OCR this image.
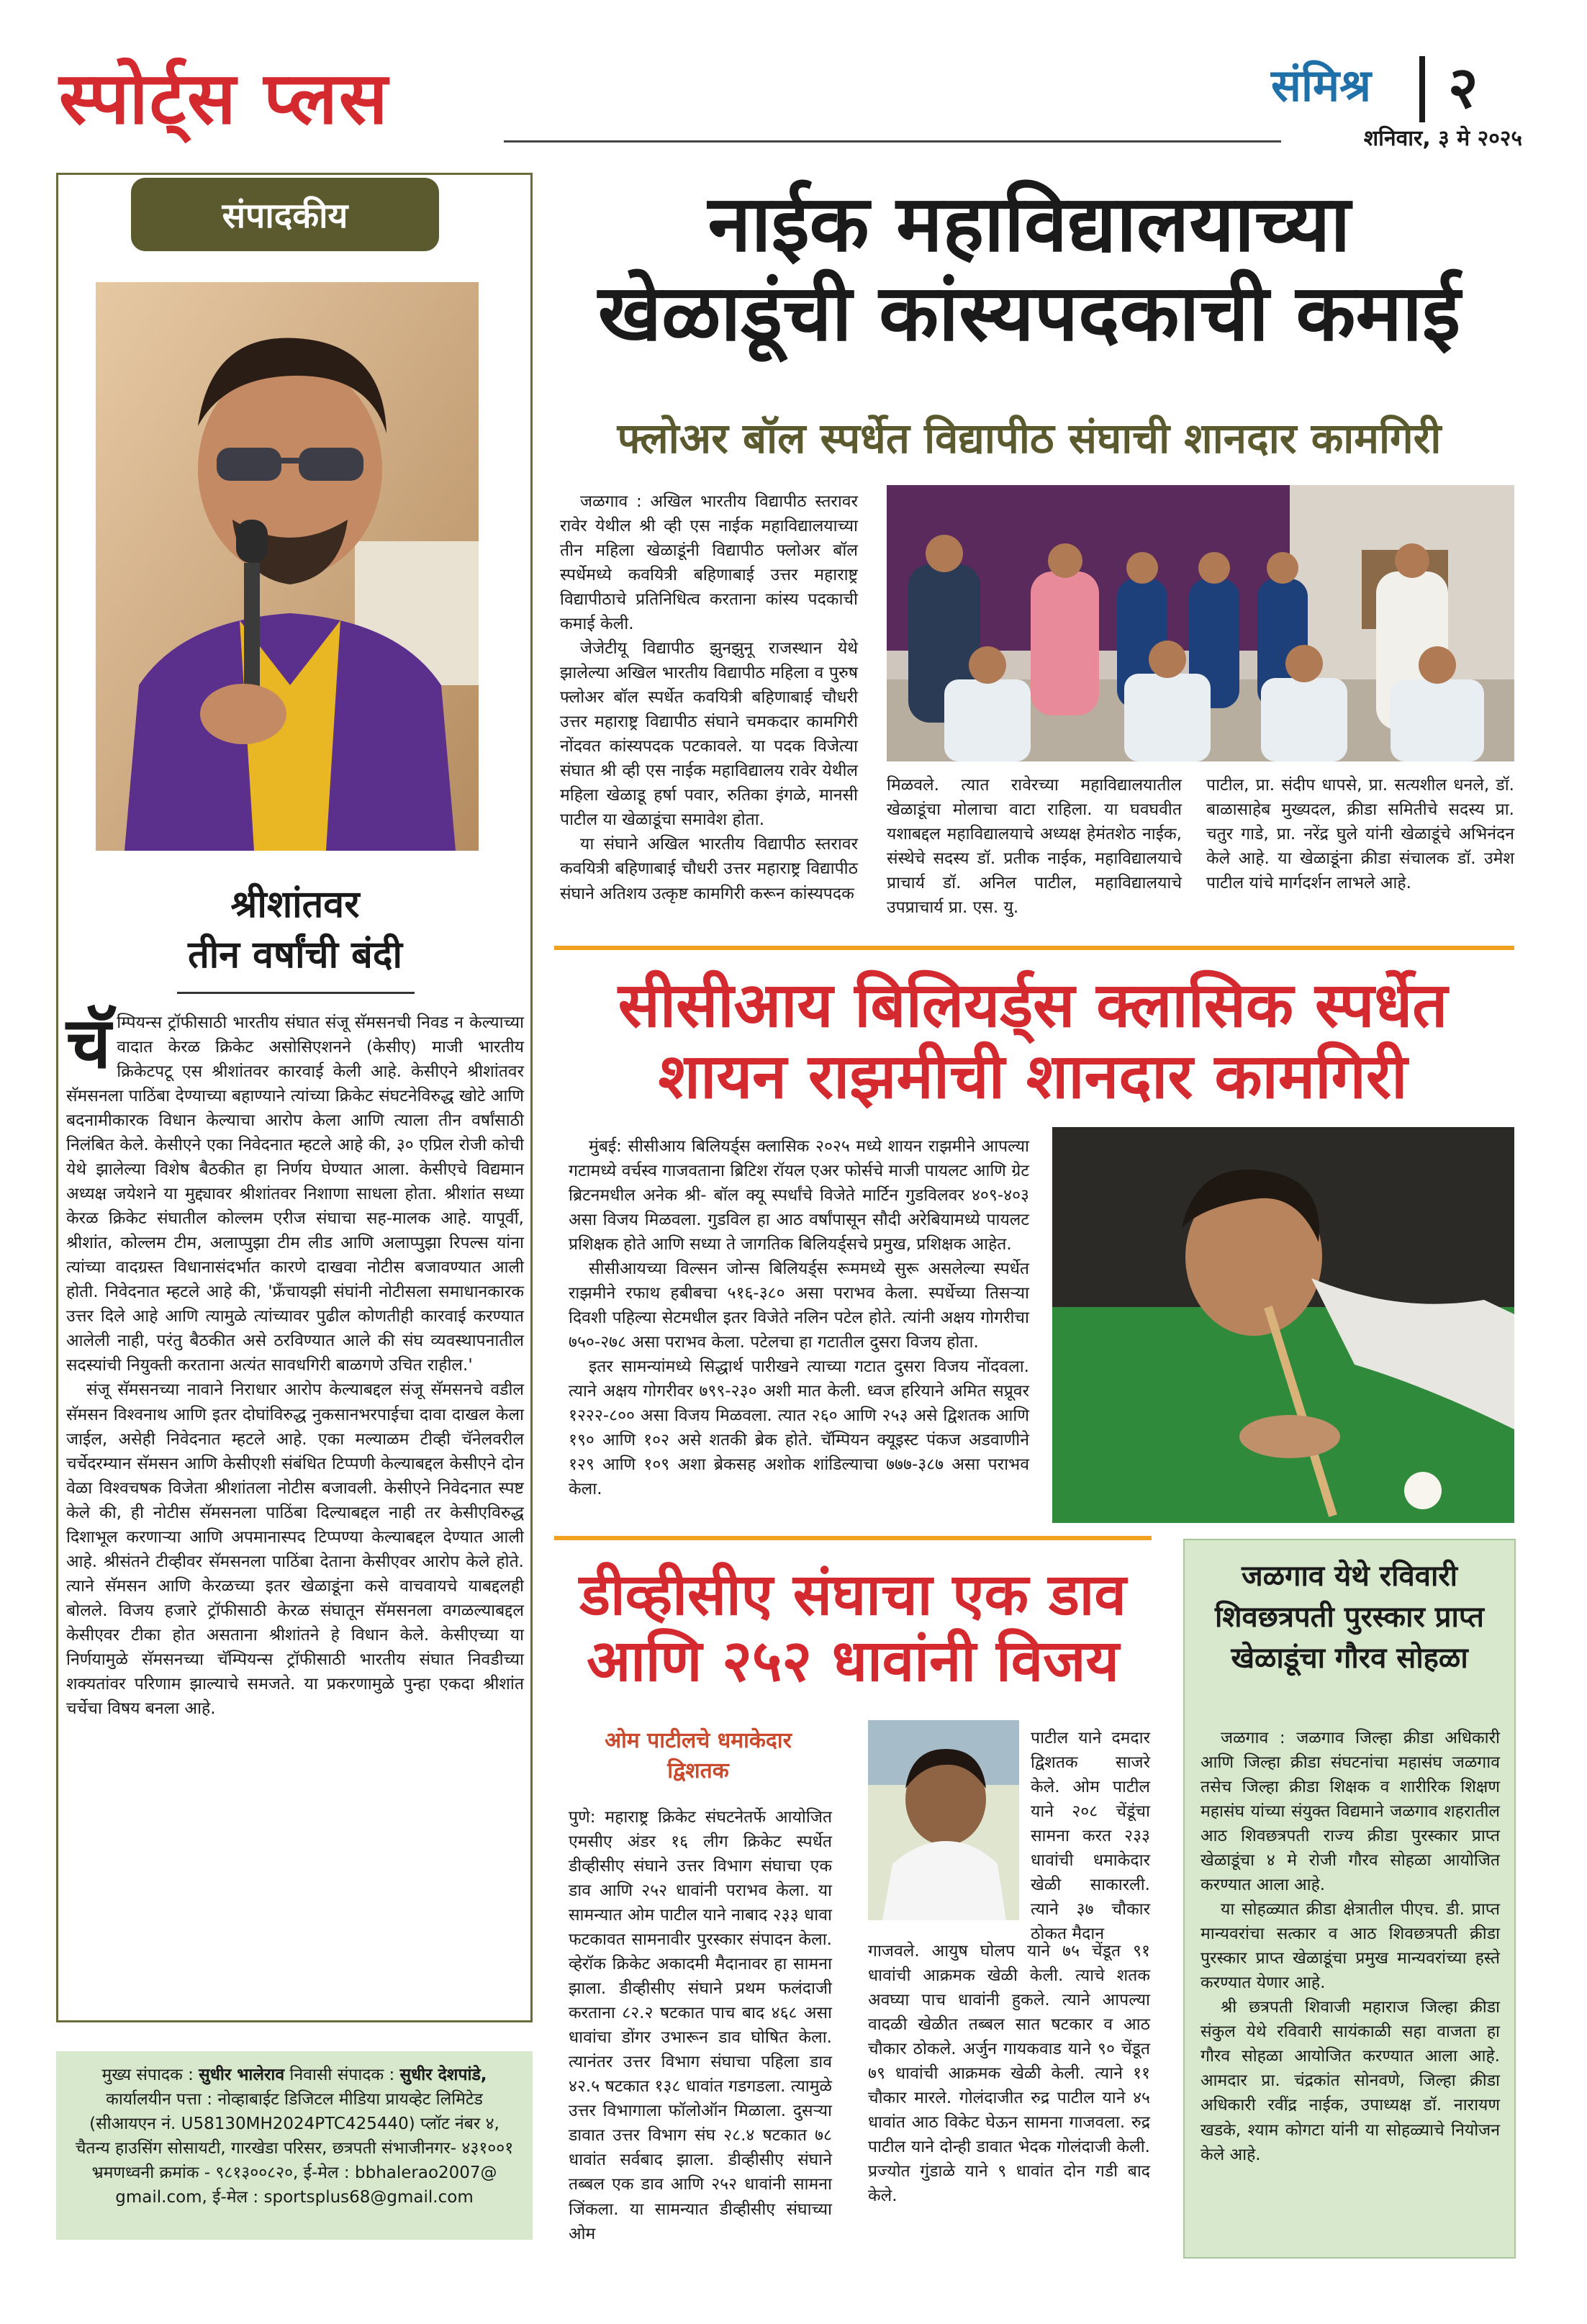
स्पोर्ट्स प्लस	संमिश्र २
शनिवार, ३ मे २०२५
संपादकीय
श्रीशांतवर
तीन वर्षांची बंदी

चॅ म्पियन्स ट्रॉफीसाठी भारतीय संघात संजू सॅमसनची निवड न केल्याच्या वादात केरळ क्रिकेट असोसिएशनने (केसीए) माजी भारतीय क्रिकेटपटू एस श्रीशांतवर कारवाई केली आहे. केसीएने श्रीशांतवर सॅमसनला पाठिंबा देण्याच्या बहाण्याने त्यांच्या क्रिकेट संघटनेविरुद्ध खोटे आणि बदनामीकारक विधान केल्याचा आरोप केला आणि त्याला तीन वर्षांसाठी निलंबित केले. केसीएने एका निवेदनात म्हटले आहे की, ३० एप्रिल रोजी कोची येथे झालेल्या विशेष बैठकीत हा निर्णय घेण्यात आला. केसीएचे विद्यमान अध्यक्ष जयेशने या मुद्द्यावर श्रीशांतवर निशाणा साधला होता. श्रीशांत सध्या केरळ क्रिकेट संघातील कोल्लम एरीज संघाचा सह-मालक आहे. यापूर्वी, श्रीशांत, कोल्लम टीम, अलाप्पुझा टीम लीड आणि अलाप्पुझा रिपल्स यांना त्यांच्या वादग्रस्त विधानासंदर्भात कारणे दाखवा नोटीस बजावण्यात आली होती. निवेदनात म्हटले आहे की, 'फ्रँचायझी संघांनी नोटीसला समाधानकारक उत्तर दिले आहे आणि त्यामुळे त्यांच्यावर पुढील कोणतीही कारवाई करण्यात आलेली नाही, परंतु बैठकीत असे ठरविण्यात आले की संघ व्यवस्थापनातील सदस्यांची नियुक्ती करताना अत्यंत सावधगिरी बाळगणे उचित राहील.'

संजू सॅमसनच्या नावाने निराधार आरोप केल्याबद्दल संजू सॅमसनचे वडील सॅमसन विश्वनाथ आणि इतर दोघांविरुद्ध नुकसानभरपाईचा दावा दाखल केला जाईल, असेही निवेदनात म्हटले आहे. एका मल्याळम टीव्ही चॅनेलवरील चर्चेदरम्यान सॅमसन आणि केसीएशी संबंधित टिप्पणी केल्याबद्दल केसीएने दोन वेळा विश्वचषक विजेता श्रीशांतला नोटीस बजावली. केसीएने निवेदनात स्पष्ट केले की, ही नोटीस सॅमसनला पाठिंबा दिल्याबद्दल नाही तर केसीएविरुद्ध दिशाभूल करणाऱ्या आणि अपमानास्पद टिप्पण्या केल्याबद्दल देण्यात आली आहे. श्रीसंतने टीव्हीवर सॅमसनला पाठिंबा देताना केसीएवर आरोप केले होते. त्याने सॅमसन आणि केरळच्या इतर खेळाडूंना कसे वाचवायचे याबद्दलही बोलले. विजय हजारे ट्रॉफीसाठी केरळ संघातून सॅमसनला वगळल्याबद्दल केसीएवर टीका होत असताना श्रीशांतने हे विधान केले. केसीएच्या या निर्णयामुळे सॅमसनच्या चॅम्पियन्स ट्रॉफीसाठी भारतीय संघात निवडीच्या शक्यतांवर परिणाम झाल्याचे समजते. या प्रकरणामुळे पुन्हा एकदा श्रीशांत चर्चेचा विषय बनला आहे.

मुख्य संपादक : सुधीर भालेराव निवासी संपादक : सुधीर देशपांडे,
कार्यालयीन पत्ता : नोव्हाबाईट डिजिटल मीडिया प्रायव्हेट लिमिटेड (सीआयएन नं. U58130MH2024PTC425440) प्लॉट नंबर ४, चैतन्य हाउसिंग सोसायटी, गारखेडा परिसर, छत्रपती संभाजीनगर- ४३१००१ भ्रमणध्वनी क्रमांक - ९८१३००८२०, ई-मेल : bbhalerao2007@ gmail.com, ई-मेल : sportsplus68@gmail.com
नाईक महाविद्यालयाच्या
खेळाडूंची कांस्यपदकाची कमाई
फ्लोअर बॉल स्पर्धेत विद्यापीठ संघाची शानदार कामगिरी

जळगाव : अखिल भारतीय विद्यापीठ स्तरावर रावेर येथील श्री व्ही एस नाईक महाविद्यालयाच्या तीन महिला खेळाडूंनी विद्यापीठ फ्लोअर बॉल स्पर्धेमध्ये कवयित्री बहिणाबाई उत्तर महाराष्ट्र विद्यापीठाचे प्रतिनिधित्व करताना कांस्य पदकाची कमाई केली.

जेजेटीयू विद्यापीठ झुनझुनू राजस्थान येथे झालेल्या अखिल भारतीय विद्यापीठ महिला व पुरुष फ्लोअर बॉल स्पर्धेत कवयित्री बहिणाबाई चौधरी उत्तर महाराष्ट्र विद्यापीठ संघाने चमकदार कामगिरी नोंदवत कांस्यपदक पटकावले. या पदक विजेत्या संघात श्री व्ही एस नाईक महाविद्यालय रावेर येथील महिला खेळाडू हर्षा पवार, रुतिका इंगळे, मानसी पाटील या खेळाडूंचा समावेश होता.

या संघाने अखिल भारतीय विद्यापीठ स्तरावर कवयित्री बहिणाबाई चौधरी उत्तर महाराष्ट्र विद्यापीठ संघाने अतिशय उत्कृष्ट कामगिरी करून कांस्यपदक

मिळवले. त्यात रावेरच्या महाविद्यालयातील खेळाडूंचा मोलाचा वाटा राहिला. या घवघवीत यशाबद्दल महाविद्यालयाचे अध्यक्ष हेमंतशेठ नाईक, संस्थेचे सदस्य डॉ. प्रतीक नाईक, महाविद्यालयाचे प्राचार्य डॉ. अनिल पाटील, महाविद्यालयाचे उपप्राचार्य प्रा. एस. यु.
पाटील, प्रा. संदीप धापसे, प्रा. सत्यशील धनले, डॉ. बाळासाहेब मुख्यदल, क्रीडा समितीचे सदस्य प्रा. चतुर गाडे, प्रा. नरेंद्र घुले यांनी खेळाडूंचे अभिनंदन केले आहे. या खेळाडूंना क्रीडा संचालक डॉ. उमेश पाटील यांचे मार्गदर्शन लाभले आहे.
सीसीआय बिलियर्ड्स क्लासिक स्पर्धेत
शायन राझमीची शानदार कामगिरी

मुंबई: सीसीआय बिलियर्ड्स क्लासिक २०२५ मध्ये शायन राझमीने आपल्या गटामध्ये वर्चस्व गाजवताना ब्रिटिश रॉयल एअर फोर्सचे माजी पायलट आणि ग्रेट ब्रिटनमधील अनेक श्री- बॉल क्यू स्पर्धांचे विजेते मार्टिन गुडविलवर ४०९-४०३ असा विजय मिळवला. गुडविल हा आठ वर्षांपासून सौदी अरेबियामध्ये पायलट प्रशिक्षक होते आणि सध्या ते जागतिक बिलियर्ड्सचे प्रमुख, प्रशिक्षक आहेत.

सीसीआयच्या विल्सन जोन्स बिलियर्ड्स रूममध्ये सुरू असलेल्या स्पर्धेत राझमीने रफाथ हबीबचा ५१६-३८० असा पराभव केला. स्पर्धेच्या तिसऱ्या दिवशी पहिल्या सेटमधील इतर विजेते नलिन पटेल होते. त्यांनी अक्षय गोगरीचा ७५०-२७८ असा पराभव केला. पटेलचा हा गटातील दुसरा विजय होता.

इतर सामन्यांमध्ये सिद्धार्थ पारीखने त्याच्या गटात दुसरा विजय नोंदवला. त्याने अक्षय गोगरीवर ७९९-२३० अशी मात केली. ध्वज हरियाने अमित सप्रूवर १२२२-८०० असा विजय मिळवला. त्यात २६० आणि २५३ असे द्विशतक आणि १९० आणि १०२ असे शतकी ब्रेक होते. चॅम्पियन क्यूइस्ट पंकज अडवाणीने १२९ आणि १०९ अशा ब्रेकसह अशोक शांडिल्याचा ७७७-३८७ असा पराभव केला.

डीव्हीसीए संघाचा एक डाव
आणि २५२ धावांनी विजय
ओम पाटीलचे धमाकेदार
द्विशतक
पुणे: महाराष्ट्र क्रिकेट संघटनेतर्फे आयोजित एमसीए अंडर १६ लीग क्रिकेट स्पर्धेत डीव्हीसीए संघाने उत्तर विभाग संघाचा एक डाव आणि २५२ धावांनी पराभव केला. या सामन्यात ओम पाटील याने नाबाद २३३ धावा फटकावत सामनावीर पुरस्कार संपादन केला. व्हेरॉक क्रिकेट अकादमी मैदानावर हा सामना झाला. डीव्हीसीए संघाने प्रथम फलंदाजी करताना ८२.२ षटकात पाच बाद ४६८ असा धावांचा डोंगर उभारून डाव घोषित केला. त्यानंतर उत्तर विभाग संघाचा पहिला डाव ४२.५ षटकात १३८ धावांत गडगडला. त्यामुळे उत्तर विभागाला फॉलोऑन मिळाला. दुसऱ्या डावात उत्तर विभाग संघ २८.४ षटकात ७८ धावांत सर्वबाद झाला. डीव्हीसीए संघाने तब्बल एक डाव आणि २५२ धावांनी सामना जिंकला. या सामन्यात डीव्हीसीए संघाच्या ओम
पाटील याने दमदार द्विशतक साजरे केले. ओम पाटील याने २०८ चेंडूंचा सामना करत २३३ धावांची धमाकेदार खेळी साकारली. त्याने ३७ चौकार ठोकत मैदान
गाजवले. आयुष घोलप याने ७५ चेंडूत ९१ धावांची आक्रमक खेळी केली. त्याचे शतक अवघ्या पाच धावांनी हुकले. त्याने आपल्या वादळी खेळीत तब्बल सात षटकार व आठ चौकार ठोकले. अर्जुन गायकवाड याने ९० चेंडूत ७९ धावांची आक्रमक खेळी केली. त्याने ११ चौकार मारले. गोलंदाजीत रुद्र पाटील याने ४५ धावांत आठ विकेट घेऊन सामना गाजवला. रुद्र पाटील याने दोन्ही डावात भेदक गोलंदाजी केली. प्रज्योत गुंडाळे याने ९ धावांत दोन गडी बाद केले.
जळगाव येथे रविवारी शिवछत्रपती पुरस्कार प्राप्त खेळाडूंचा गौरव सोहळा

जळगाव : जळगाव जिल्हा क्रीडा अधिकारी आणि जिल्हा क्रीडा संघटनांचा महासंघ जळगाव तसेच जिल्हा क्रीडा शिक्षक व शारीरिक शिक्षण महासंघ यांच्या संयुक्त विद्यमाने जळगाव शहरातील आठ शिवछत्रपती राज्य क्रीडा पुरस्कार प्राप्त खेळाडूंचा ४ मे रोजी गौरव सोहळा आयोजित करण्यात आला आहे.

या सोहळ्यात क्रीडा क्षेत्रातील पीएच. डी. प्राप्त मान्यवरांचा सत्कार व आठ शिवछत्रपती क्रीडा पुरस्कार प्राप्त खेळाडूंचा प्रमुख मान्यवरांच्या हस्ते करण्यात येणार आहे.

श्री छत्रपती शिवाजी महाराज जिल्हा क्रीडा संकुल येथे रविवारी सायंकाळी सहा वाजता हा गौरव सोहळा आयोजित करण्यात आला आहे. आमदार प्रा. चंद्रकांत सोनवणे, जिल्हा क्रीडा अधिकारी रवींद्र नाईक, उपाध्यक्ष डॉ. नारायण खडके, श्याम कोगटा यांनी या सोहळ्याचे नियोजन केले आहे.
